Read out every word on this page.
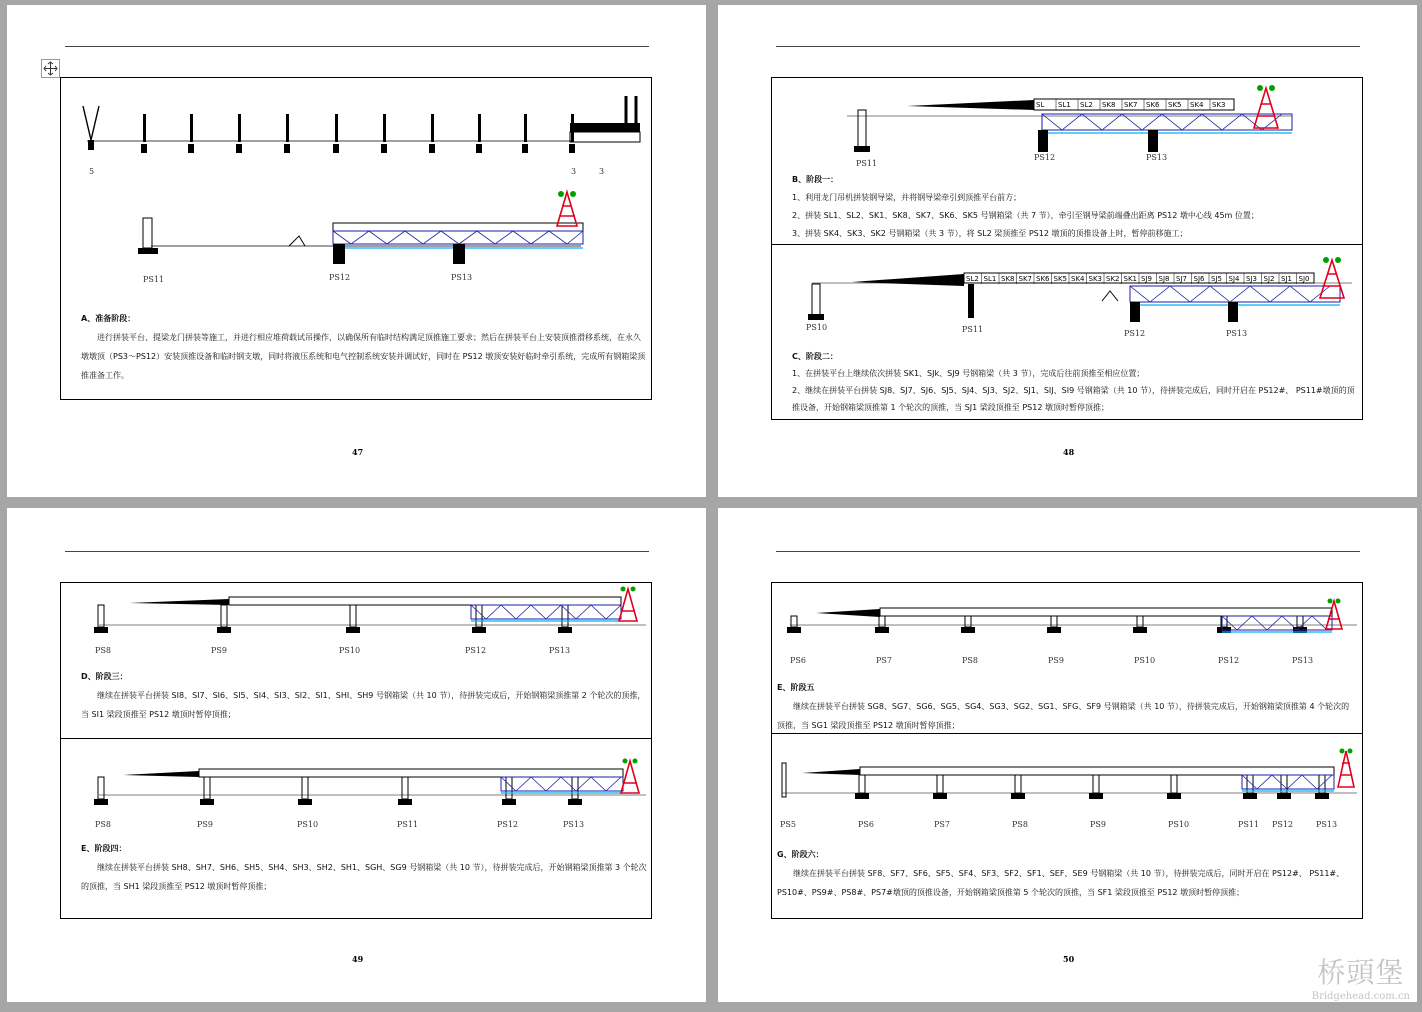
5	3	3
PS11	PS12	PS13

A、准备阶段：

进行拼装平台、提梁龙门拼装等施工，并进行相应堆荷载试吊操作，以确保所有临时结构满足顶推施工要求；然后在拼装平台上安装顶推滑移系统，在永久墩墩顶（PS3～PS12）安装顶推设备和临时钢支墩，同时将液压系统和电气控制系统安装并调试好，同时在 PS12 墩顶安装好临时牵引系统，完成所有钢箱梁顶推准备工作。

47
SL SL1 SL2 SK8 SK7 SK6 SK5 SK4 SK3
PS11
PS12	PS13

B、阶段一：

1、利用龙门吊机拼装钢导梁，并将钢导梁牵引到顶推平台前方；

2、拼装 SL1、SL2、SK1、SK8、SK7、SK6、SK5 号钢箱梁（共 7 节），牵引至钢导梁前端叠出距离 PS12 墩中心线 45m 位置；

3、拼装 SK4、SK3、SK2 号钢箱梁（共 3 节），将 SL2 梁顶推至 PS12 墩顶的顶推设备上时，暂停前移施工；

SL2 SL1 SK8 SK7 SK6 SK5 SK4 SK3 SK2 SK1 SJ9 SJ8 SJ7 SJ6 SJ5 SJ4 SJ3 SJ2 SJ1 SJ0
PS10	PS11	PS12	PS13

C、阶段二：

1、在拼装平台上继续依次拼装 SK1、SJk、SJ9 号钢箱梁（共 3 节），完成后往前顶推至相应位置；

2、继续在拼装平台拼装 SJ8、SJ7、SJ6、SJ5、SJ4、SJ3、SJ2、SJ1、SIJ、SI9 号钢箱梁（共 10 节），待拼装完成后，同时开启在 PS12#、 PS11#墩顶的顶推设备，开始钢箱梁顶推第 1 个轮次的顶推，当 SJ1 梁段顶推至 PS12 墩顶时暂停顶推；

48
PS8	PS9	PS10	PS12	PS13

D、阶段三：

继续在拼装平台拼装 SI8、SI7、SI6、SI5、SI4、SI3、SI2、SI1、SHI、SH9 号钢箱梁（共 10 节），待拼装完成后，开始钢箱梁顶推第 2 个轮次的顶推，当 SI1 梁段顶推至 PS12 墩顶时暂停顶推；

PS8	PS9	PS10	PS11	PS12	PS13

E、阶段四：

继续在拼装平台拼装 SH8、SH7、SH6、SH5、SH4、SH3、SH2、SH1、SGH、SG9 号钢箱梁（共 10 节），待拼装完成后，开始钢箱梁顶推第 3 个轮次的顶推，当 SH1 梁段顶推至 PS12 墩顶时暂停顶推；

49
PS6	PS7	PS8	PS9	PS10	PS12	PS13

E、阶段五

继续在拼装平台拼装 SG8、SG7、SG6、SG5、SG4、SG3、SG2、SG1、SFG、SF9 号钢箱梁（共 10 节），待拼装完成后，开始钢箱梁顶推第 4 个轮次的顶推，当 SG1 梁段顶推至 PS12 墩顶时暂停顶推；

PS5	PS6	PS7	PS8	PS9	PS10	PS11 PS12	PS13

G、阶段六：

继续在拼装平台拼装 SF8、SF7、SF6、SF5、SF4、SF3、SF2、SF1、SEF、SE9 号钢箱梁（共 10 节），待拼装完成后，同时开启在 PS12#、 PS11#、PS10#、PS9#、PS8#、PS7#墩顶的顶推设备，开始钢箱梁顶推第 5 个轮次的顶推，当 SF1 梁段顶推至 PS12 墩顶时暂停顶推；

50	桥頭堡
Bridgehead.com.cn
